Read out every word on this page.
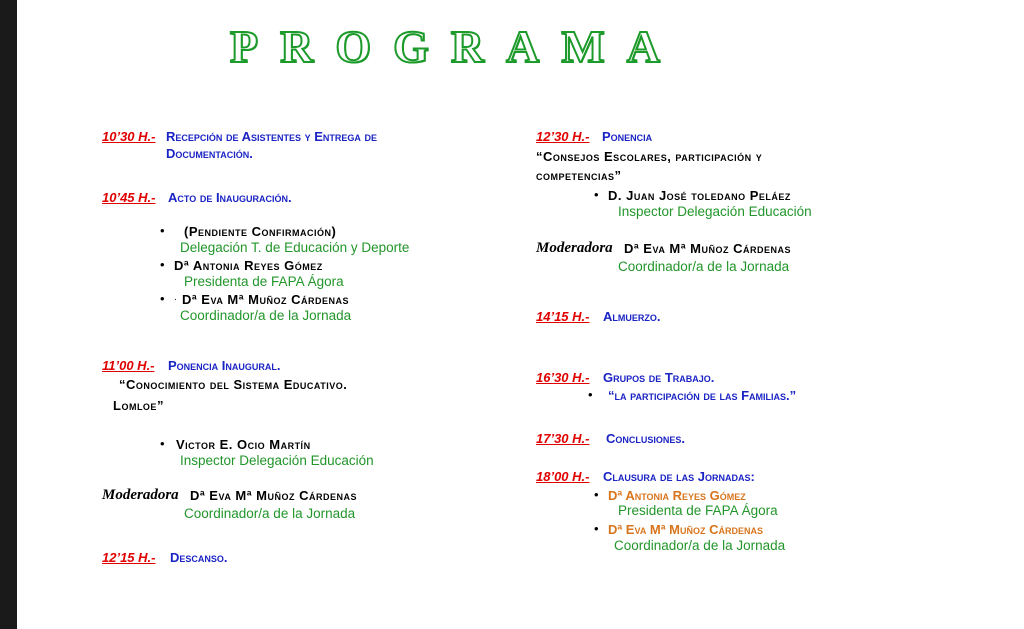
PROGRAMA
10’30 H.- Recepción de Asistentes y Entrega de
Documentación.
10’45 H.- Acto de Inauguración.
• (Pendiente Confirmación)
Delegación T. de Educación y Deporte
• Dª Antonia Reyes Gómez
Presidenta de FAPA Ágora
• . Dª Eva Mª Muñoz Cárdenas
Coordinador/a de la Jornada
11’00 H.- Ponencia Inaugural.
“Conocimiento del Sistema Educativo.
Lomloe”
• Victor E. Ocio Martín
Inspector Delegación Educación
Moderadora Dª Eva Mª Muñoz Cárdenas
Coordinador/a de la Jornada
12’15 H.- Descanso.
12’30 H.- Ponencia
“Consejos Escolares, participación y
competencias”
• D. Juan José toledano Peláez
Inspector Delegación Educación
Moderadora Dª Eva Mª Muñoz Cárdenas
Coordinador/a de la Jornada
14’15 H.- Almuerzo.
16’30 H.- Grupos de Trabajo.
• “la participación de las Familias.”
17’30 H.- Conclusiones.
18’00 H.- Clausura de las Jornadas:
• Dª Antonia Reyes Gómez
Presidenta de FAPA Ágora
• Dª Eva Mª Muñoz Cárdenas
Coordinador/a de la Jornada
